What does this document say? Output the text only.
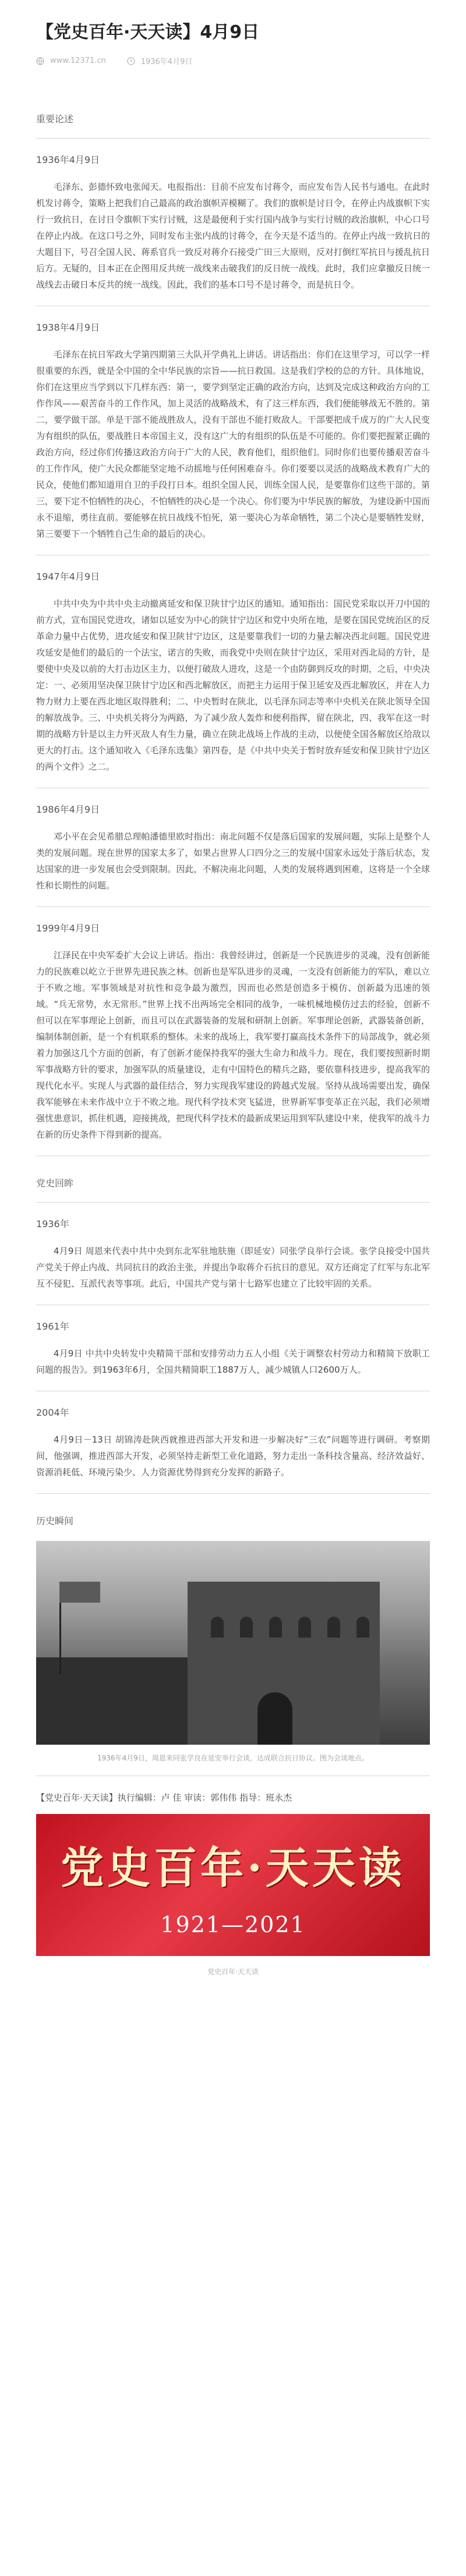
【党史百年·天天读】4月9日
www.12371.cn	1936年4月9日

重要论述

1936年4月9日

毛泽东、彭德怀致电张闻天。电报指出：目前不应发布讨蒋令，而应发布告人民书与通电。在此时机发讨蒋令，策略上把我们自己最高的政治旗帜弄模糊了。我们的旗帜是讨日令，在停止内战旗帜下实行一致抗日，在讨日令旗帜下实行讨贼，这是最便利于实行国内战争与实行讨贼的政治旗帜，中心口号在停止内战。在这口号之外，同时发布主张内战的讨蒋令，在今天是不适当的。在停止内战一致抗日的大题目下，号召全国人民、蒋系官兵一致反对蒋介石接受广田三大原则，反对打倒红军抗日与援乱抗日后方。无疑的，目本正在企图用反共统一战线来击破我们的反日统一战线。此时，我们应拿撤反日统一战线去击破日本反共的统一战线。因此，我们的基本口号不是讨蒋令，而是抗日令。

1938年4月9日

毛泽东在抗日军政大学第四期第三大队开学典礼上讲话。讲话指出：你们在这里学习，可以学一样很重要的东西，就是全中国的全中华民族的宗旨——抗日救国。这是我们学校的总的方针。具体地说，你们在这里应当学到以下几样东西：第一，要学到坚定正确的政治方向，达到及完成这种政治方向的工作作风——艰苦奋斗的工作作风，加上灵活的战略战术，有了这三样东西，我们便能够战无不胜的。第二，要学做干部。单是干部不能战胜敌人，没有干部也不能打败敌人。干部要把成千成万的广大人民变为有组织的队伍，要战胜日本帝国主义，没有这广大的有组织的队伍是不可能的。你们要把握紧正确的政治方向，经过你们传播这政治方向于广大的人民，教育他们，组织他们。同时你们也要传播艰苦奋斗的工作作风，使广大民众都能坚定地不动摇地与任何困难奋斗。你们要要以灵活的战略战术教育广大的民众，使他们都知道用自卫的手段打日本。组织全国人民，训练全国人民，是要靠你们这些干部的。第三，要下定不怕牺牲的决心，不怕牺牲的决心是一个决心。你们要为中华民族的解放，为建设新中国而永不退缩，勇往直前。要能够在抗日战线不怕死，第一要决心为革命牺牲，第二个决心是要牺牲发财，第三要要下一个牺牲自己生命的最后的决心。

1947年4月9日

中共中央为中共中央主动撤离延安和保卫陕甘宁边区的通知。通知指出：国民党采取以开刀中国的前方式，宣布国民党进攻，诸如以延安为中心的陕甘宁边区和党中央所在地，是要在国民党统治区的反革命力量中占优势，进攻延安和保卫陕甘宁边区，这是要靠我们一切的力量去解决西北问题。国民党进攻延安是他们的最后的一个法宝，诺言的失败，而我党中央则在陕甘宁边区，采用对西北局的方针，是要使中央及以前的大打击边区主力，以便打破敌人进攻，这是一个由防御到反攻的时期，之后，中央决定：一、必须用坚决保卫陕甘宁边区和西北解放区，而把主力运用于保卫延安及西北解放区，并在人力物力财力上要在西北地区取得胜利；二、中央暂时在陕北，以毛泽东同志等率中央机关在陕北领导全国的解放战争。三、中央机关将分为两路，为了减少敌人轰炸和便利指挥，留在陕北，四、我军在这一时期的战略方针是以主力歼灭敌人有生力量，确立在陕北战场上作战的主动，以便使全国各解放区给敌以更大的打击。这个通知收入《毛泽东选集》第四卷，是《中共中央关于暂时放弃延安和保卫陕甘宁边区的两个文件》之二。

1986年4月9日

邓小平在会见希腊总理帕潘德里欧时指出：南北问题不仅是落后国家的发展问题，实际上是整个人类的发展问题。现在世界的国家太多了，如果占世界人口四分之三的发展中国家永远处于落后状态，发达国家的进一步发展也会受到限制。因此，不解决南北问题，人类的发展将遇到困难，这将是一个全球性和长期性的问题。

1999年4月9日

江泽民在中央军委扩大会议上讲话。指出：我曾经讲过，创新是一个民族进步的灵魂，没有创新能力的民族难以屹立于世界先进民族之林。创新也是军队进步的灵魂，一支没有创新能力的军队，难以立于不败之地。军事领域是对抗性和竞争最为激烈，因而也必然是创造多于模仿、创新最为迅速的领域。“兵无常势，水无常形。”世界上找不出两场完全相同的战争，一味机械地模仿过去的经验，创新不但可以在军事理论上创新，而且可以在武器装备的发展和研制上创新。军事理论创新，武器装备创新，编制体制创新，是一个有机联系的整体。未来的战场上，我军要打赢高技术条件下的局部战争，就必须着力加强这几个方面的创新，有了创新才能保持我军的强大生命力和战斗力。现在，我们要按照新时期军事战略方针的要求，加强军队的质量建设，走有中国特色的精兵之路，要依靠科技进步，提高我军的现代化水平。实现人与武器的最佳结合，努力实现我军建设的跨越式发展。坚持从战场需要出发，确保我军能够在未来作战中立于不败之地。现代科学技术突飞猛进，世界新军事变革正在兴起，我们必须增强忧患意识，抓住机遇，迎接挑战，把现代科学技术的最新成果运用到军队建设中来，使我军的战斗力在新的历史条件下得到新的提高。

党史回眸

1936年

4月9日 周恩来代表中共中央到东北军驻地肤施（即延安）同张学良举行会谈。张学良接受中国共产党关于停止内战、共同抗日的政治主张，并提出争取蒋介石抗日的意见。双方还商定了红军与东北军互不侵犯、互派代表等事项。此后，中国共产党与第十七路军也建立了比较牢固的关系。

1961年

4月9日 中共中央转发中央精简干部和安排劳动力五人小组《关于调整农村劳动力和精简下放职工问题的报告》。到1963年6月，全国共精简职工1887万人，减少城镇人口2600万人。

2004年

4月9日－13日 胡锦涛赴陕西就推进西部大开发和进一步解决好“三农”问题等进行调研。考察期间，他强调，推进西部大开发，必须坚持走新型工业化道路，努力走出一条科技含量高、经济效益好、资源消耗低、环境污染少、人力资源优势得到充分发挥的新路子。

历史瞬间

1936年4月9日，周恩来同张学良在延安举行会谈，达成联合抗日协议。图为会谈地点。

【党史百年·天天读】执行编辑：卢 佳 审读：郭伟伟 指导：班永杰

党史百年·天天读
1921—2021

党史百年·天天读
